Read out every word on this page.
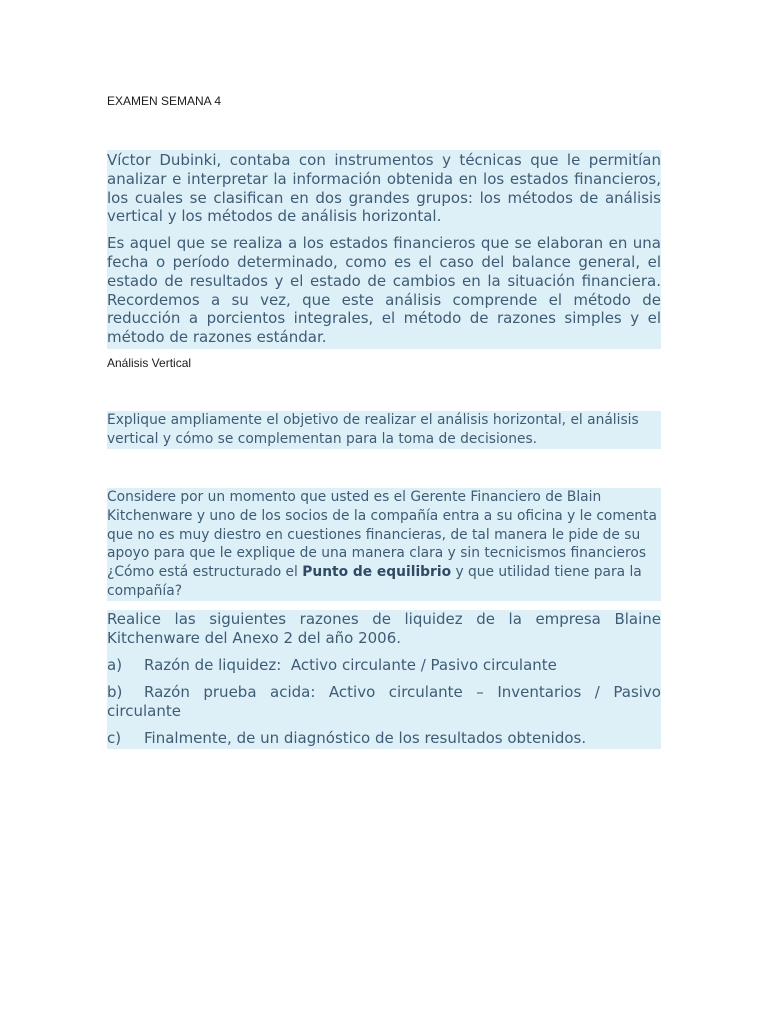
EXAMEN SEMANA 4

Víctor Dubinki, contaba con instrumentos y técnicas que le permitían analizar e interpretar la información obtenida en los estados financieros, los cuales se clasifican en dos grandes grupos: los métodos de análisis vertical y los métodos de análisis horizontal.

Es aquel que se realiza a los estados financieros que se elaboran en una fecha o período determinado, como es el caso del balance general, el estado de resultados y el estado de cambios en la situación financiera. Recordemos a su vez, que este análisis comprende el método de reducción a porcientos integrales, el método de razones simples y el método de razones estándar.

Análisis Vertical
Explique ampliamente el objetivo de realizar el análisis horizontal, el análisis vertical y cómo se complementan para la toma de decisiones.
Considere por un momento que usted es el Gerente Financiero de Blain Kitchenware y uno de los socios de la compañía entra a su oficina y le comenta que no es muy diestro en cuestiones financieras, de tal manera le pide de su apoyo para que le explique de una manera clara y sin tecnicismos financieros ¿Cómo está estructurado el Punto de equilibrio y que utilidad tiene para la compañía?

Realice las siguientes razones de liquidez de la empresa Blaine Kitchenware del Anexo 2 del año 2006.

a) Razón de liquidez:  Activo circulante / Pasivo circulante

b) Razón prueba acida: Activo circulante – Inventarios / Pasivo circulante

c) Finalmente, de un diagnóstico de los resultados obtenidos.
